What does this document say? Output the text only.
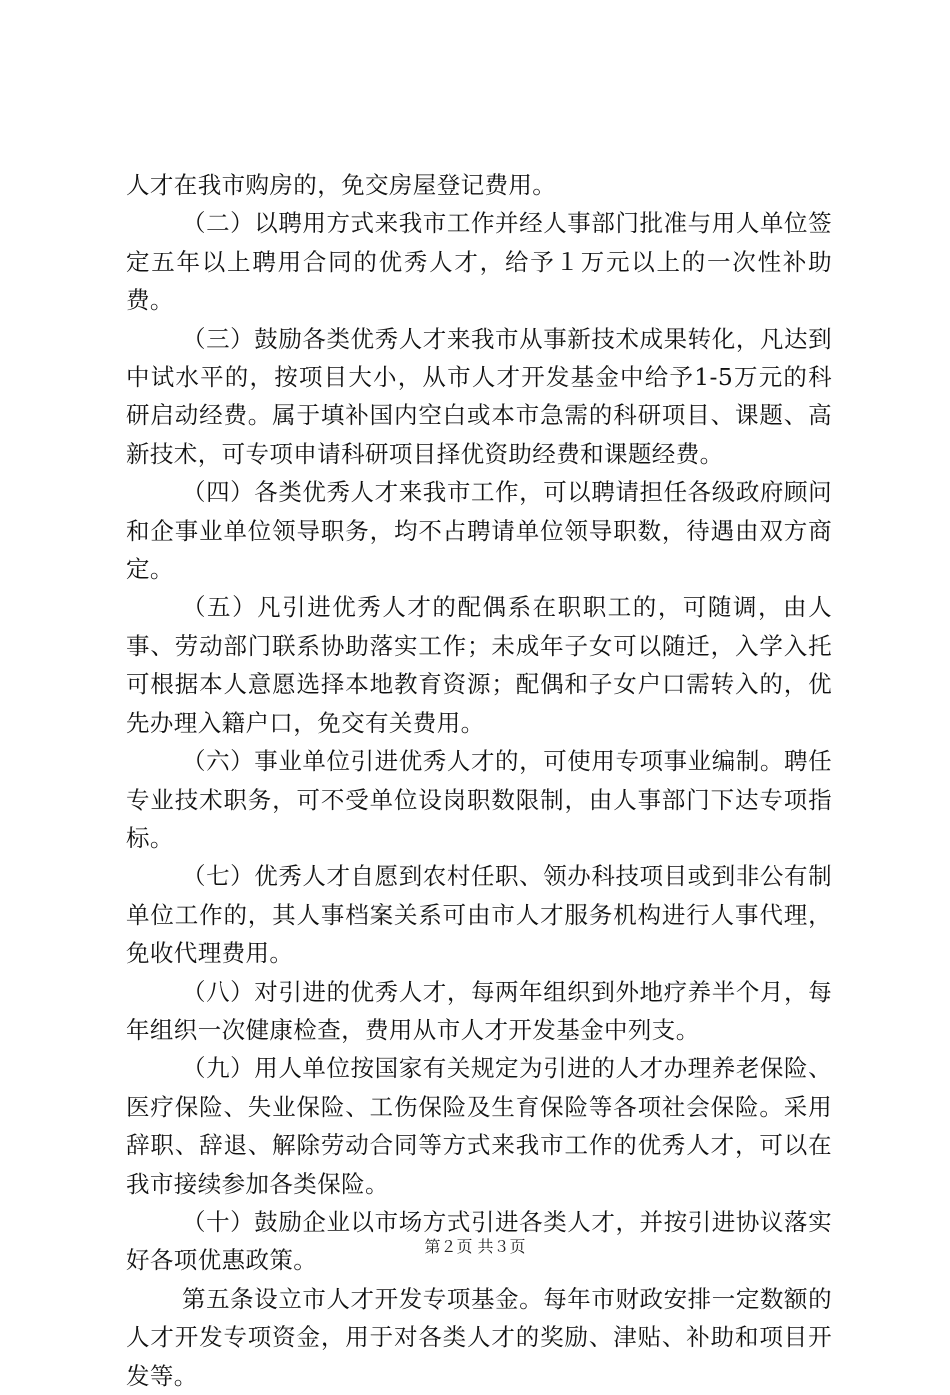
人才在我市购房的，免交房屋登记费用。

（二）以聘用方式来我市工作并经人事部门批准与用人单位签定五年以上聘用合同的优秀人才，给予１万元以上的一次性补助费。

（三）鼓励各类优秀人才来我市从事新技术成果转化，凡达到中试水平的，按项目大小，从市人才开发基金中给予1-5万元的科研启动经费。属于填补国内空白或本市急需的科研项目、课题、高新技术，可专项申请科研项目择优资助经费和课题经费。

（四）各类优秀人才来我市工作，可以聘请担任各级政府顾问和企事业单位领导职务，均不占聘请单位领导职数，待遇由双方商定。

（五）凡引进优秀人才的配偶系在职职工的，可随调，由人事、劳动部门联系协助落实工作；未成年子女可以随迁，入学入托可根据本人意愿选择本地教育资源；配偶和子女户口需转入的，优先办理入籍户口，免交有关费用。

（六）事业单位引进优秀人才的，可使用专项事业编制。聘任专业技术职务，可不受单位设岗职数限制，由人事部门下达专项指标。

（七）优秀人才自愿到农村任职、领办科技项目或到非公有制单位工作的，其人事档案关系可由市人才服务机构进行人事代理，免收代理费用。

（八）对引进的优秀人才，每两年组织到外地疗养半个月，每年组织一次健康检查，费用从市人才开发基金中列支。

（九）用人单位按国家有关规定为引进的人才办理养老保险、医疗保险、失业保险、工伤保险及生育保险等各项社会保险。采用辞职、辞退、解除劳动合同等方式来我市工作的优秀人才，可以在我市接续参加各类保险。

（十）鼓励企业以市场方式引进各类人才，并按引进协议落实好各项优惠政策。

第五条设立市人才开发专项基金。每年市财政安排一定数额的人才开发专项资金，用于对各类人才的奖励、津贴、补助和项目开发等。

第２页 共３页
